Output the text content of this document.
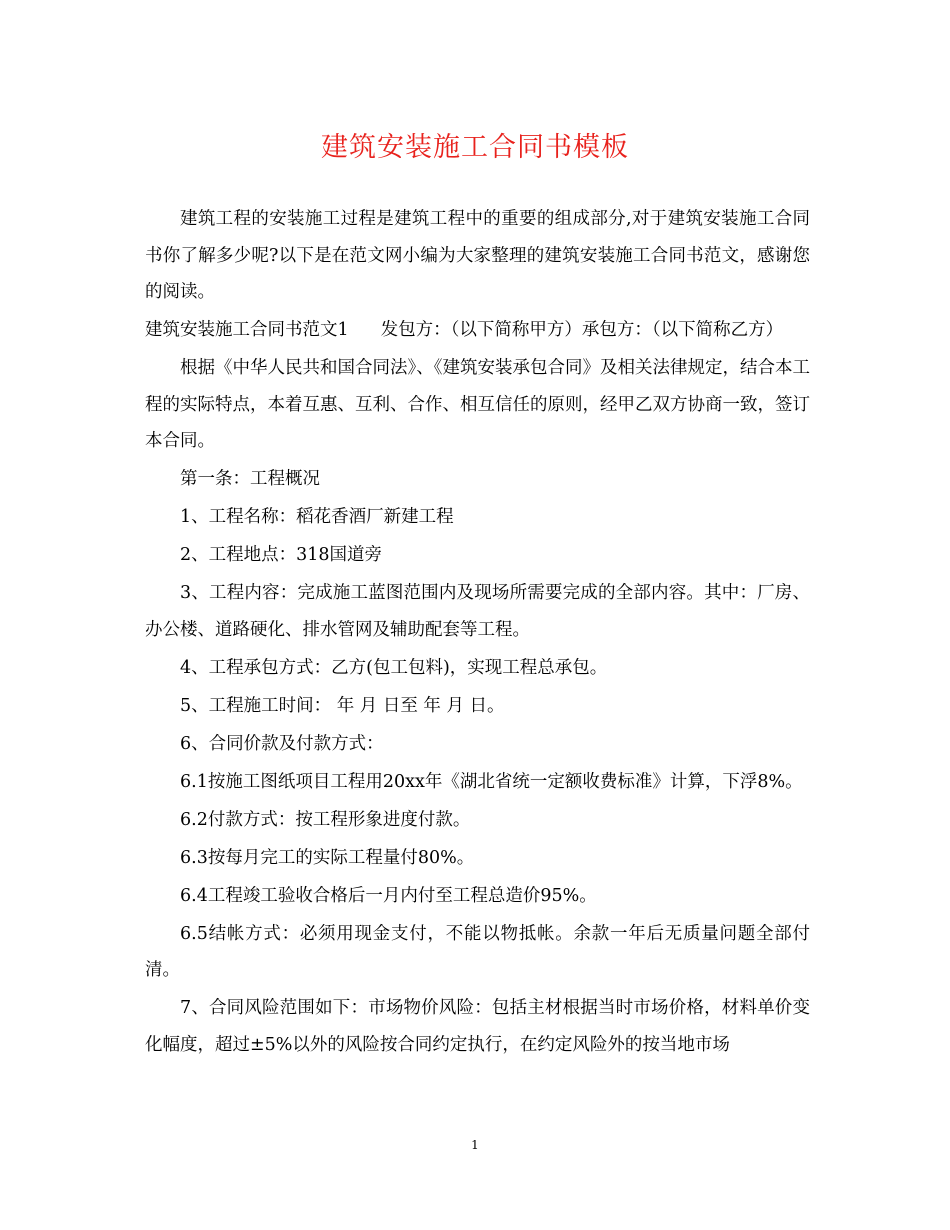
建筑安装施工合同书模板

建筑工程的安装施工过程是建筑工程中的重要的组成部分,对于建筑安装施工合同书你了解多少呢?以下是在范文网小编为大家整理的建筑安装施工合同书范文，感谢您的阅读。

建筑安装施工合同书范文1 发包方：（以下简称甲方）承包方：（以下简称乙方）

根据《中华人民共和国合同法》、《建筑安装承包合同》及相关法律规定，结合本工程的实际特点，本着互惠、互利、合作、相互信任的原则，经甲乙双方协商一致，签订本合同。

第一条：工程概况

1、工程名称：稻花香酒厂新建工程

2、工程地点：318国道旁

3、工程内容：完成施工蓝图范围内及现场所需要完成的全部内容。其中：厂房、办公楼、道路硬化、排水管网及辅助配套等工程。

4、工程承包方式：乙方(包工包料)，实现工程总承包。

5、工程施工时间： 年 月 日至 年 月 日。

6、合同价款及付款方式：

6.1按施工图纸项目工程用20xx年《湖北省统一定额收费标准》计算，下浮8%。

6.2付款方式：按工程形象进度付款。

6.3按每月完工的实际工程量付80%。

6.4工程竣工验收合格后一月内付至工程总造价95%。

6.5结帐方式：必须用现金支付，不能以物抵帐。余款一年后无质量问题全部付清。

7、合同风险范围如下：市场物价风险：包括主材根据当时市场价格，材料单价变化幅度，超过±5%以外的风险按合同约定执行，在约定风险外的按当地市场

1
